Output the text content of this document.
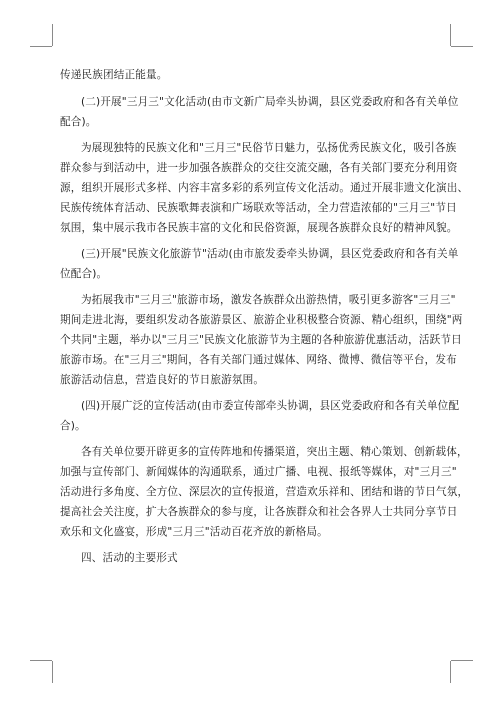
传递民族团结正能量。

(二)开展"三月三"文化活动(由市文新广局牵头协调，县区党委政府和各有关单位
配合)。

为展现独特的民族文化和"三月三"民俗节日魅力，弘扬优秀民族文化，吸引各族
群众参与到活动中，进一步加强各族群众的交往交流交融，各有关部门要充分利用资
源，组织开展形式多样、内容丰富多彩的系列宣传文化活动。通过开展非遗文化演出、
民族传统体育活动、民族歌舞表演和广场联欢等活动，全力营造浓郁的"三月三"节日
氛围，集中展示我市各民族丰富的文化和民俗资源，展现各族群众良好的精神风貌。

(三)开展"民族文化旅游节"活动(由市旅发委牵头协调，县区党委政府和各有关单
位配合)。

为拓展我市"三月三"旅游市场，激发各族群众出游热情，吸引更多游客"三月三"
期间走进北海，要组织发动各旅游景区、旅游企业积极整合资源、精心组织，围绕"两
个共同"主题，举办以"三月三"民族文化旅游节为主题的各种旅游优惠活动，活跃节日
旅游市场。在"三月三"期间，各有关部门通过媒体、网络、微博、微信等平台，发布
旅游活动信息，营造良好的节日旅游氛围。

(四)开展广泛的宣传活动(由市委宣传部牵头协调，县区党委政府和各有关单位配
合)。

各有关单位要开辟更多的宣传阵地和传播渠道，突出主题、精心策划、创新载体，
加强与宣传部门、新闻媒体的沟通联系，通过广播、电视、报纸等媒体，对"三月三"
活动进行多角度、全方位、深层次的宣传报道，营造欢乐祥和、团结和谐的节日气氛，
提高社会关注度，扩大各族群众的参与度，让各族群众和社会各界人士共同分享节日
欢乐和文化盛宴，形成"三月三"活动百花齐放的新格局。

四、活动的主要形式
